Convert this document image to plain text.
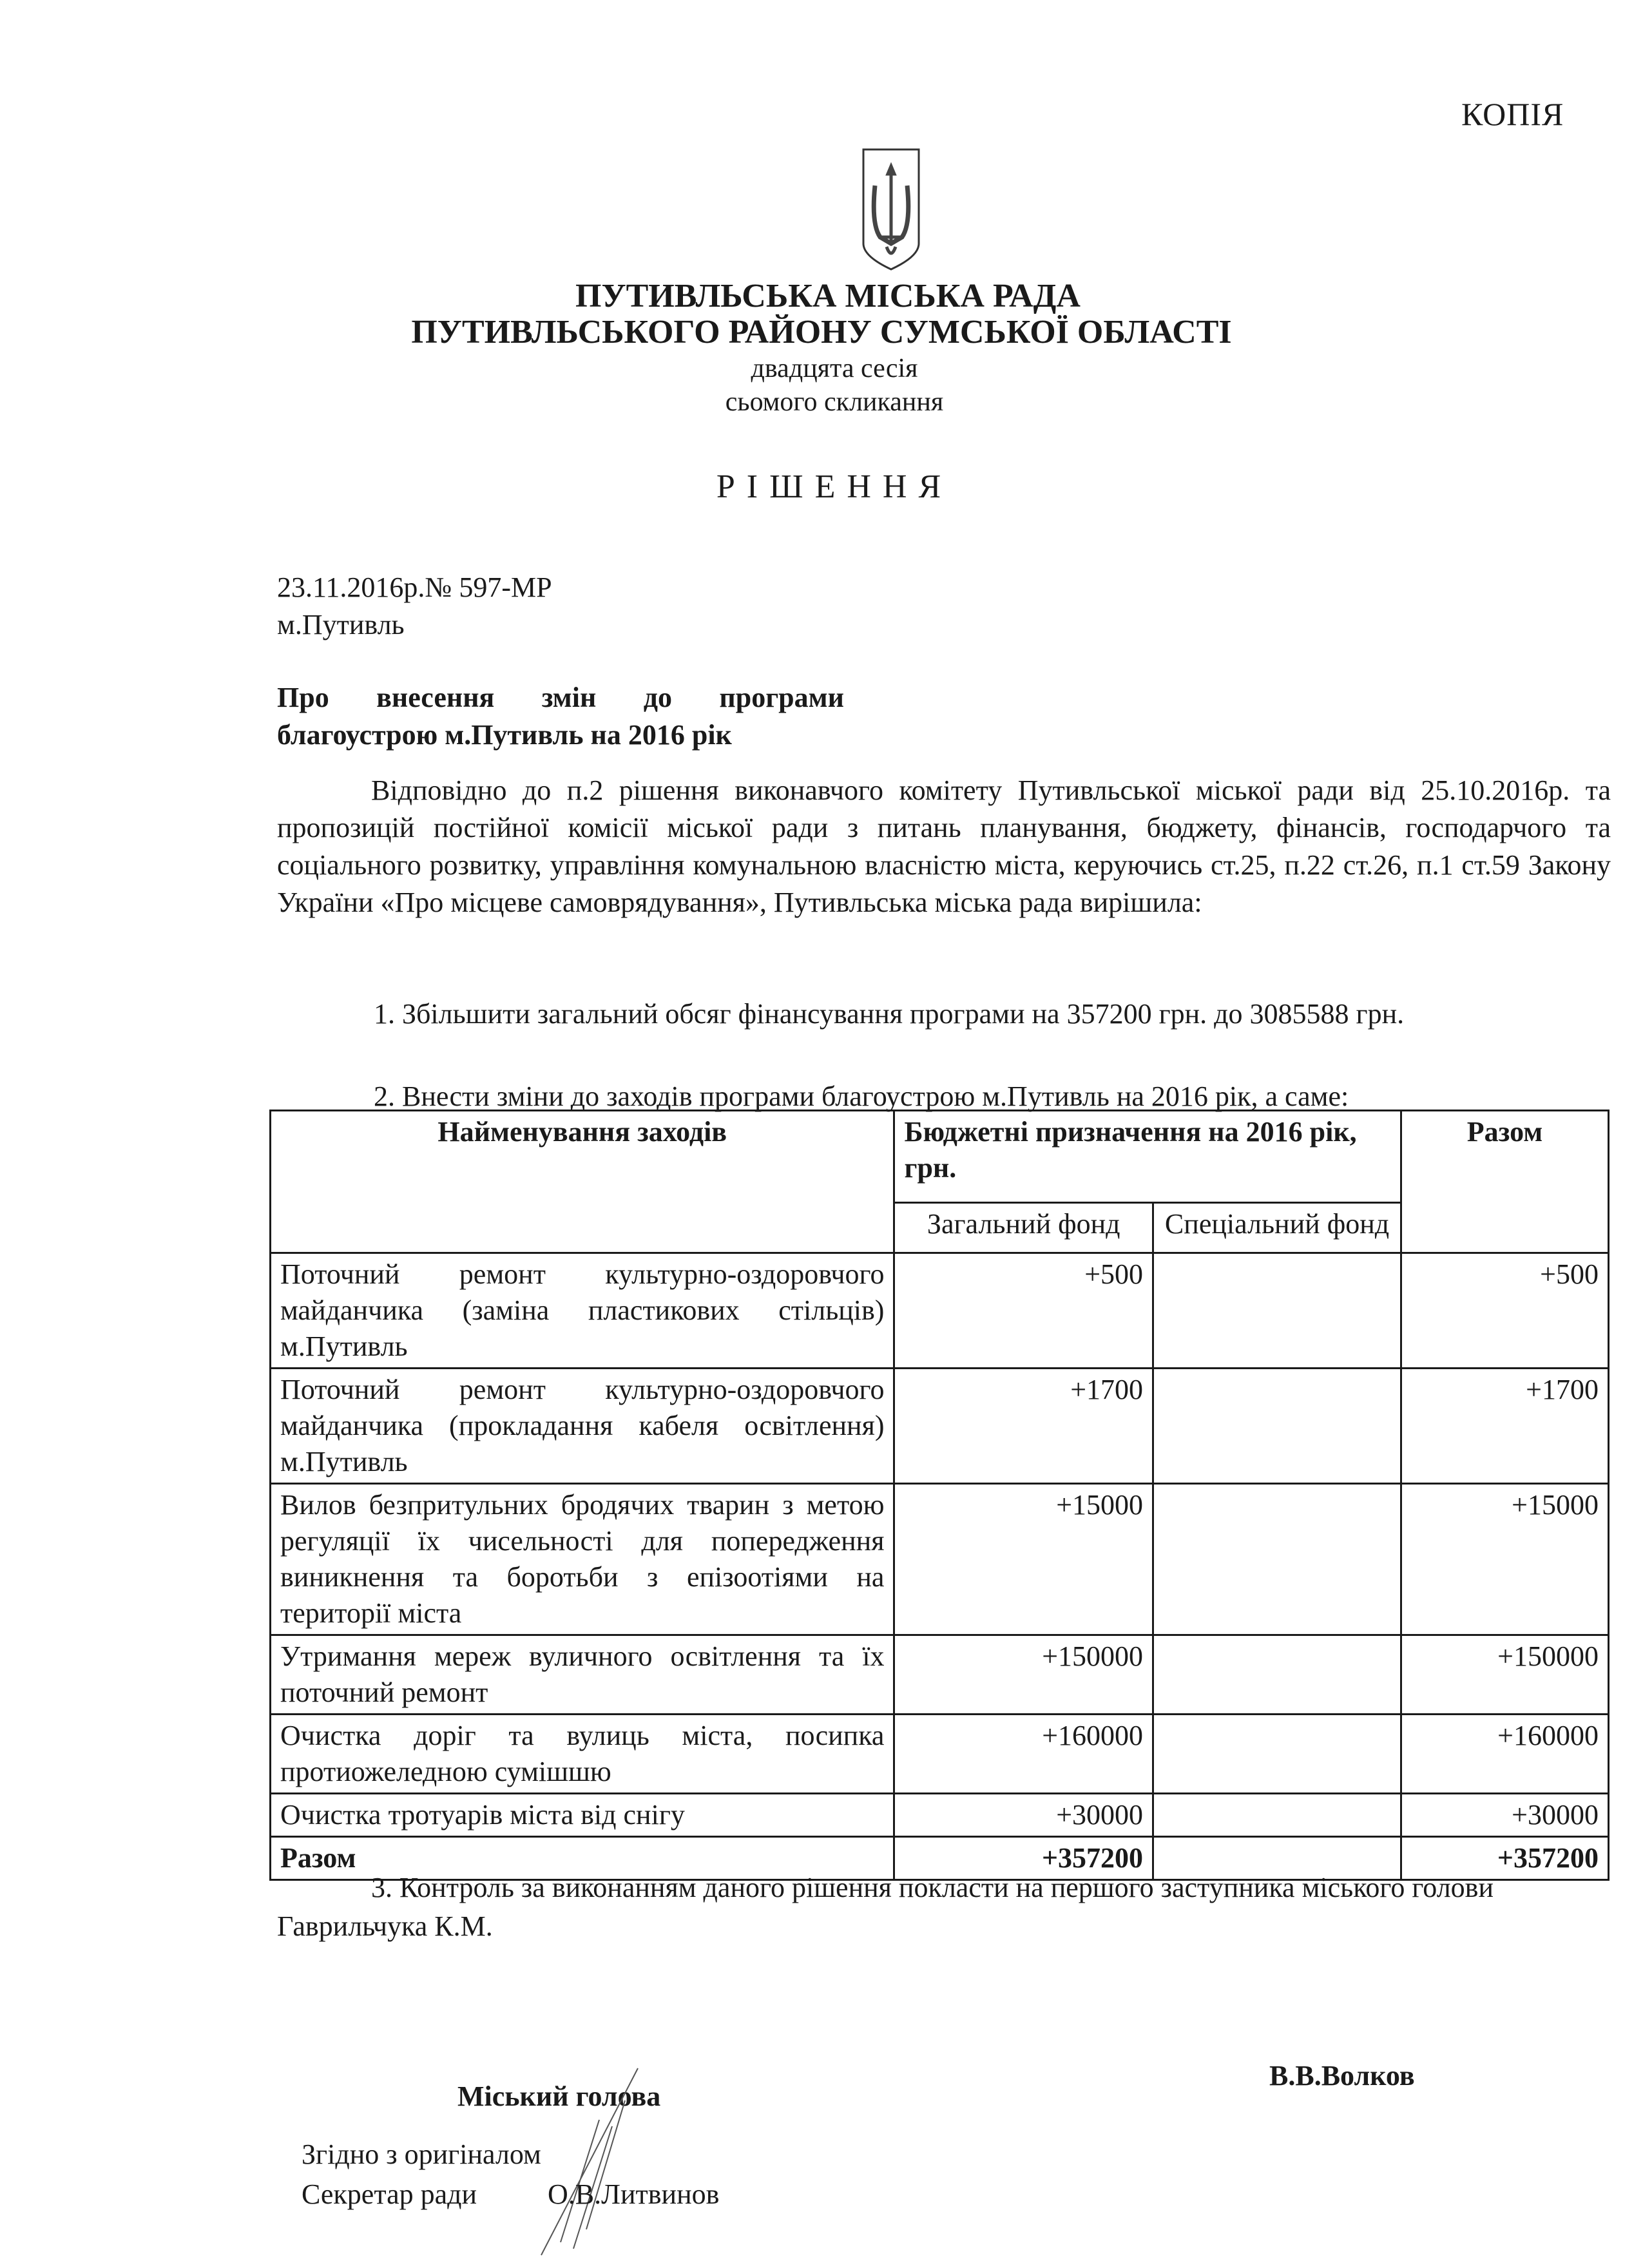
КОПІЯ
ПУТИВЛЬСЬКА МІСЬКА РАДА
ПУТИВЛЬСЬКОГО РАЙОНУ СУМСЬКОЇ ОБЛАСТІ
двадцята сесія
сьомого скликання
РІШЕННЯ
23.11.2016р.№ 597-МР
м.Путивль
Про внесення змін до програми
благоустрою м.Путивль на 2016 рік
Відповідно до п.2 рішення виконавчого комітету Путивльської міської ради від 25.10.2016р. та пропозицій постійної комісії міської ради з питань планування, бюджету, фінансів, господарчого та соціального розвитку, управління комунальною власністю міста, керуючись ст.25, п.22 ст.26, п.1 ст.59 Закону України «Про місцеве самоврядування», Путивльська міська рада вирішила:
1. Збільшити загальний обсяг фінансування програми на 357200 грн. до 3085588 грн.
2. Внести зміни до заходів програми благоустрою м.Путивль на 2016 рік, а саме:
Найменування заходів	Бюджетні призначення на 2016 рік, грн.		Разом
	Загальний фонд	Спеціальний фонд	
Поточний ремонт культурно-оздоровчого майданчика (заміна пластикових стільців) м.Путивль	+500		+500
Поточний ремонт культурно-оздоровчого майданчика (прокладання кабеля освітлення) м.Путивль	+1700		+1700
Вилов безпритульних бродячих тварин з метою регуляції їх чисельності для попередження виникнення та боротьби з епізоотіями на території міста	+15000		+15000
Утримання мереж вуличного освітлення та їх поточний ремонт	+150000		+150000
Очистка доріг та вулиць міста, посипка протиожеледною сумішшю	+160000		+160000
Очистка тротуарів міста від снігу	+30000		+30000
Разом	+357200		+357200
3. Контроль за виконанням даного рішення покласти на першого заступника міського голови Гаврильчука К.М.
Міський голова
В.В.Волков
Згідно з оригіналом
Секретар ради О.В.Литвинов
